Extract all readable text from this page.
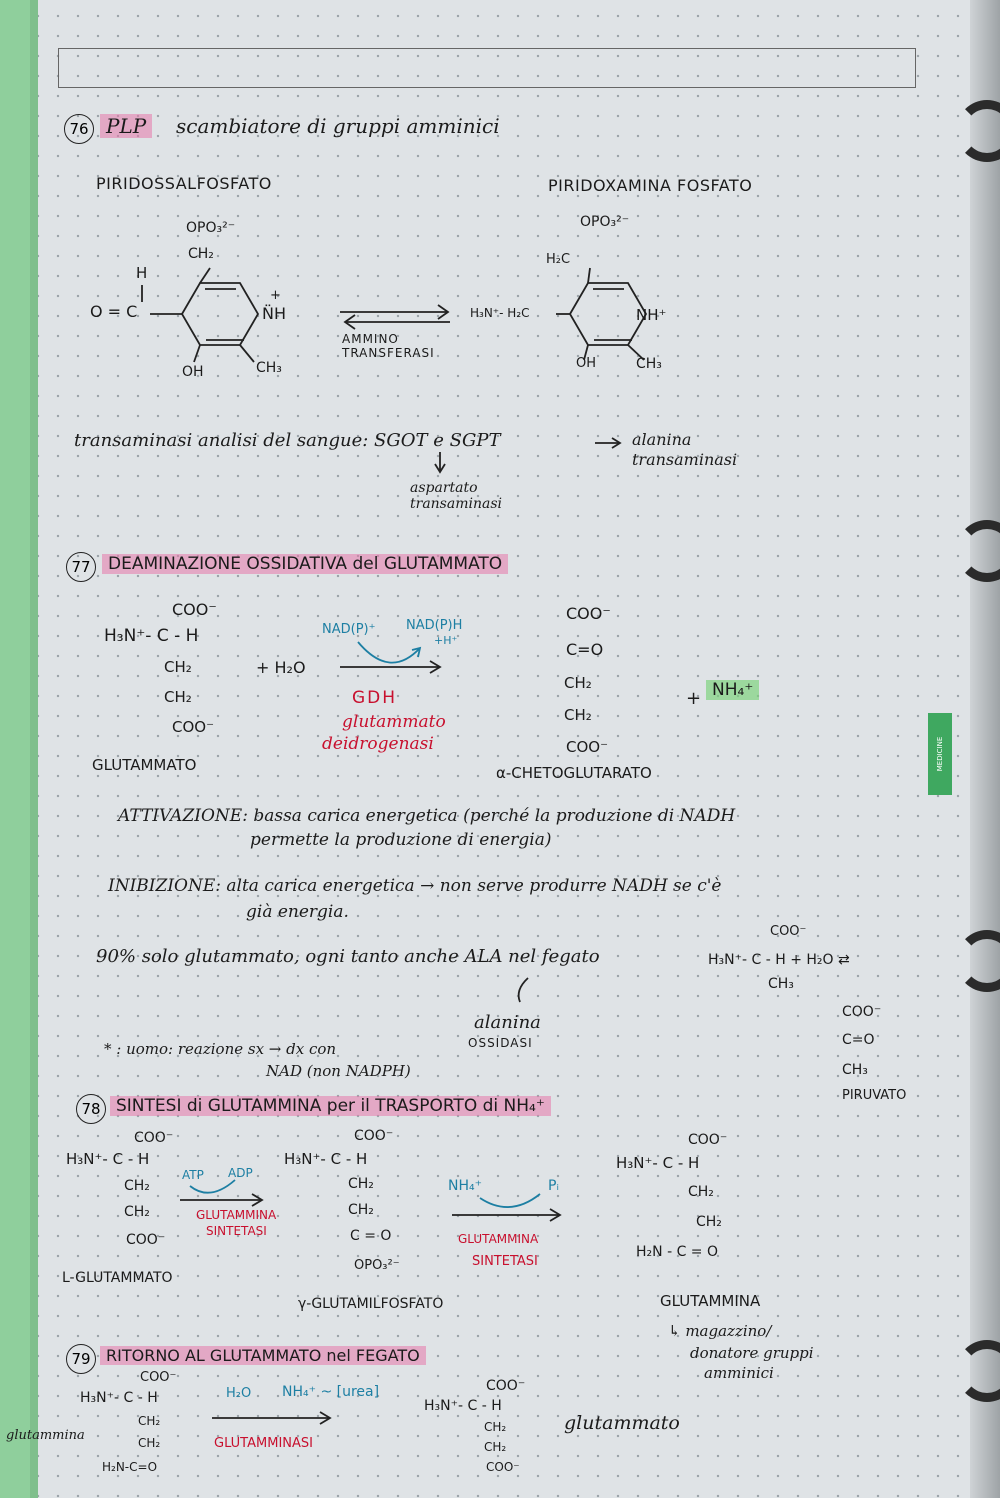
MEDICINE
76 PLP	scambiatore di gruppi amminici
PIRIDOSSALFOSFATO	PIRIDOXAMINA FOSFATO
OPO₃²⁻
CH₂
H
O = C	N̈H
+
OH	CH₃
AMMINO
TRANSFERASI
OPO₃²⁻
H₂C
H₃N⁺- H₂C	NH⁺
OH	CH₃
transaminasi analisi del sangue: SGOT e SGPT	alanina
transaminasi
aspartato
transaminasi
77	DEAMINAZIONE OSSIDATIVA del GLUTAMMATO
COO⁻
H₃N⁺- C - H
CH₂
CH₂
COO⁻
GLUTAMMATO
+ H₂O
NAD(P)⁺ NAD(P)H
+H⁺
GDH
glutammato
deidrogenasi
COO⁻
C=O
CH₂
CH₂
COO⁻
α-CHETOGLUTARATO
+ NH₄⁺
ATTIVAZIONE: bassa carica energetica (perché la produzione di NADH
permette la produzione di energia)
INIBIZIONE: alta carica energetica → non serve produrre NADH se c'è
già energia.
90% solo glutammato, ogni tanto anche ALA nel fegato
COO⁻
H₃N⁺- C - H + H₂O ⇄
CH₃
alanina
OSSIDASI
COO⁻
C=O
CH₃
PIRUVATO
* : uomo: reazione sx → dx con
NAD (non NADPH)
78 SINTESI di GLUTAMMINA per il TRASPORTO di NH₄⁺
COO⁻
H₃N⁺- C - H
CH₂
CH₂
COO⁻
L-GLUTAMMATO
ATP ADP
GLUTAMMINA
SINTETASI
COO⁻
H₃N⁺- C - H
CH₂
CH₂
C = O
OPO₃²⁻
γ-GLUTAMILFOSFATO
NH₄⁺	Pᵢ
GLUTAMMINA
SINTETASI
COO⁻
H₃N⁺- C - H
CH₂
CH₂
H₂N - C = O
GLUTAMMINA
↳ magazzino/
donatore gruppi
amminici
79 RITORNO AL GLUTAMMATO nel FEGATO
COO⁻
H₃N⁺- C - H
CH₂
CH₂
H₂N-C=O
glutammina
H₂O NH₄⁺ ~ [urea]
GLUTAMMINASI
COO⁻
H₃N⁺- C - H
CH₂
CH₂
COO⁻
glutammato
